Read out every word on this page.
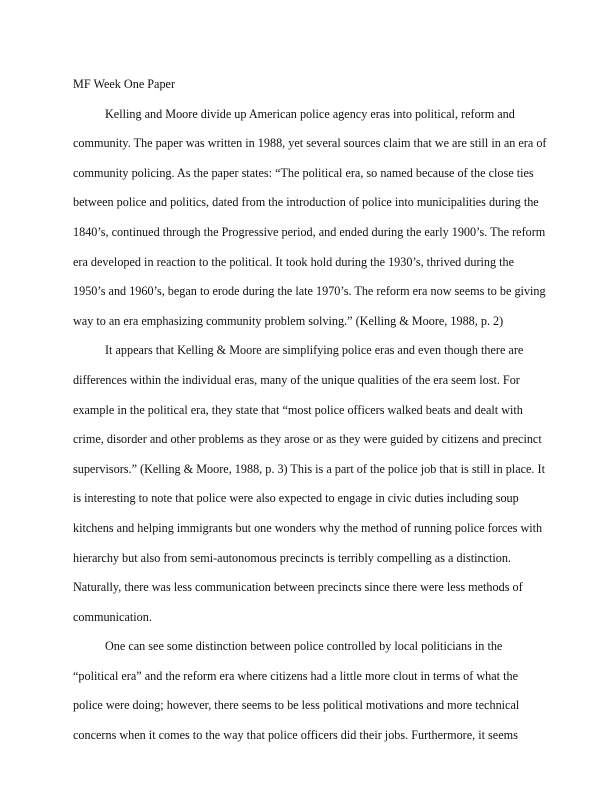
MF Week One Paper
Kelling and Moore divide up American police agency eras into political, reform and
community. The paper was written in 1988, yet several sources claim that we are still in an era of
community policing. As the paper states: “The political era, so named because of the close ties
between police and politics, dated from the introduction of police into municipalities during the
1840’s, continued through the Progressive period, and ended during the early 1900’s. The reform
era developed in reaction to the political. It took hold during the 1930’s, thrived during the
1950’s and 1960’s, began to erode during the late 1970’s. The reform era now seems to be giving
way to an era emphasizing community problem solving.” (Kelling & Moore, 1988, p. 2)
It appears that Kelling & Moore are simplifying police eras and even though there are
differences within the individual eras, many of the unique qualities of the era seem lost. For
example in the political era, they state that “most police officers walked beats and dealt with
crime, disorder and other problems as they arose or as they were guided by citizens and precinct
supervisors.” (Kelling & Moore, 1988, p. 3) This is a part of the police job that is still in place. It
is interesting to note that police were also expected to engage in civic duties including soup
kitchens and helping immigrants but one wonders why the method of running police forces with
hierarchy but also from semi-autonomous precincts is terribly compelling as a distinction.
Naturally, there was less communication between precincts since there were less methods of
communication.
One can see some distinction between police controlled by local politicians in the
“political era” and the reform era where citizens had a little more clout in terms of what the
police were doing; however, there seems to be less political motivations and more technical
concerns when it comes to the way that police officers did their jobs. Furthermore, it seems
